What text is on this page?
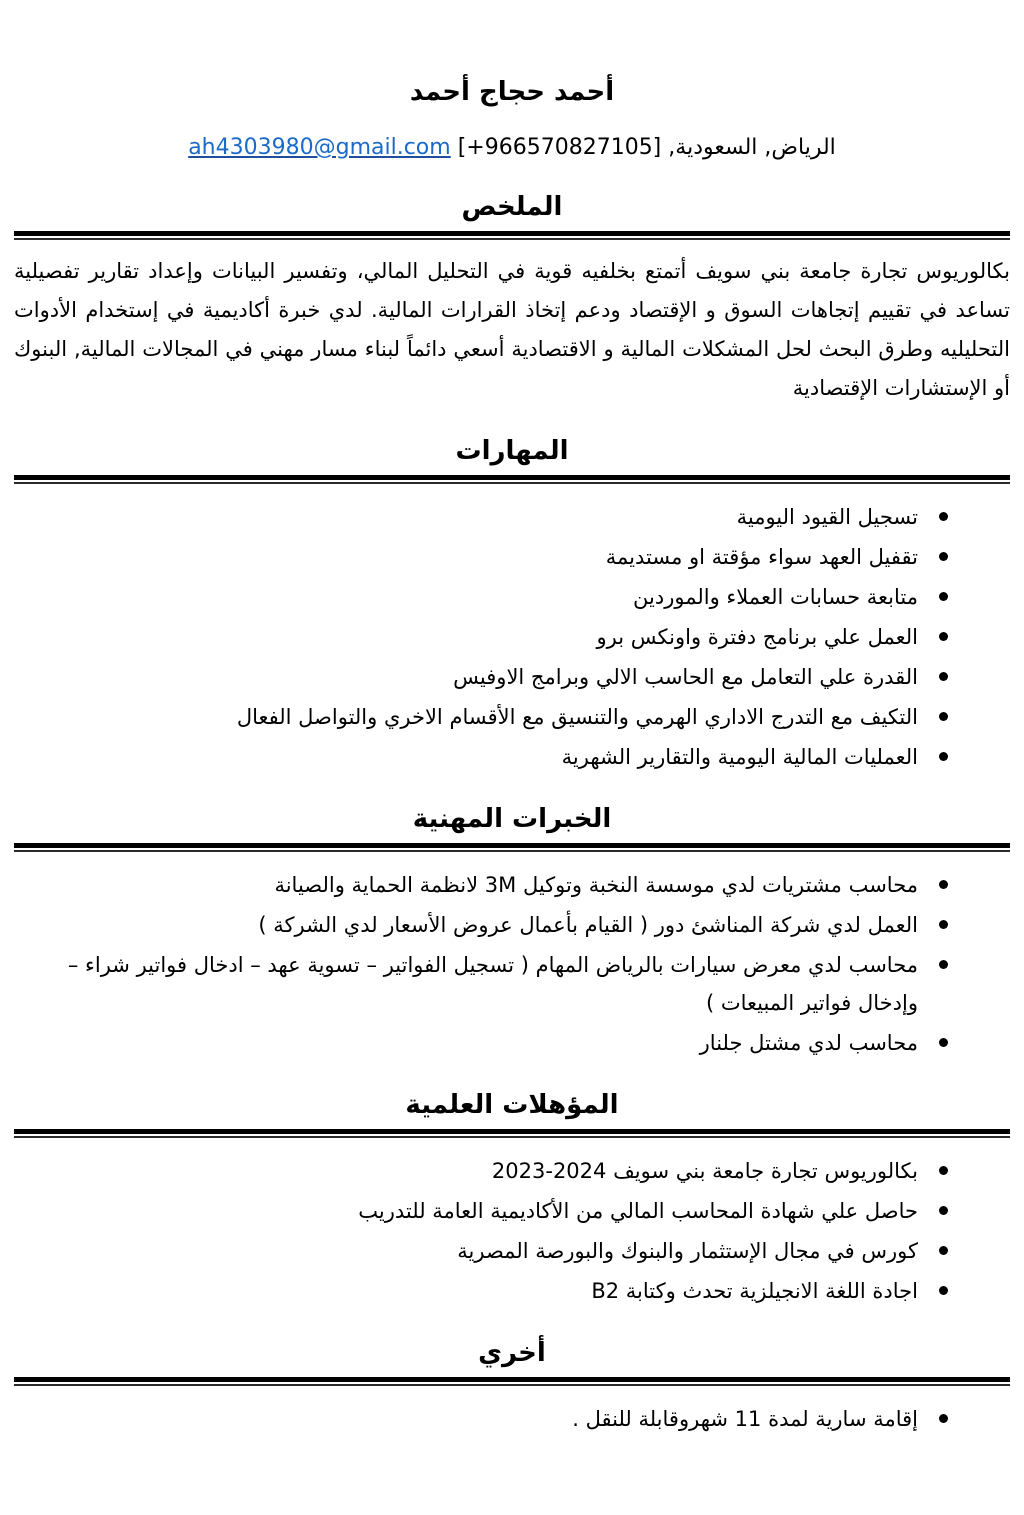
أحمد حجاج أحمد

الرياض, السعودية, ah4303980@gmail.com [+966570827105]

الملخص

بكالوريوس تجارة جامعة بني سويف أتمتع بخلفيه قوية في التحليل المالي، وتفسير البيانات وإعداد تقارير تفصيلية تساعد في تقييم إتجاهات السوق و الإقتصاد ودعم إتخاذ القرارات المالية. لدي خبرة أكاديمية في إستخدام الأدوات التحليليه وطرق البحث لحل المشكلات المالية و الاقتصادية أسعي دائماً لبناء مسار مهني في المجالات المالية, البنوك أو الإستشارات الإقتصادية

المهارات
تسجيل القيود اليومية
تقفيل العهد سواء مؤقتة او مستديمة
متابعة حسابات العملاء والموردين
العمل علي برنامج دفترة واونكس برو
القدرة علي التعامل مع الحاسب الالي وبرامج الاوفيس
التكيف مع التدرج الاداري الهرمي والتنسيق مع الأقسام الاخري والتواصل الفعال
العمليات المالية اليومية والتقارير الشهرية
الخبرات المهنية
محاسب مشتريات لدي موسسة النخبة وتوكيل 3M لانظمة الحماية والصيانة
العمل لدي شركة المناشئ دور ( القيام بأعمال عروض الأسعار لدي الشركة )
محاسب لدي معرض سيارات بالرياض المهام ( تسجيل الفواتير – تسوية عهد – ادخال فواتير شراء – وإدخال فواتير المبيعات )
محاسب لدي مشتل جلنار
المؤهلات العلمية
بكالوريوس تجارة جامعة بني سويف 2024-2023
حاصل علي شهادة المحاسب المالي من الأكاديمية العامة للتدريب
كورس في مجال الإستثمار والبنوك والبورصة المصرية
اجادة اللغة الانجيلزية تحدث وكتابة B2
أخري
إقامة سارية لمدة 11 شهروقابلة للنقل .
